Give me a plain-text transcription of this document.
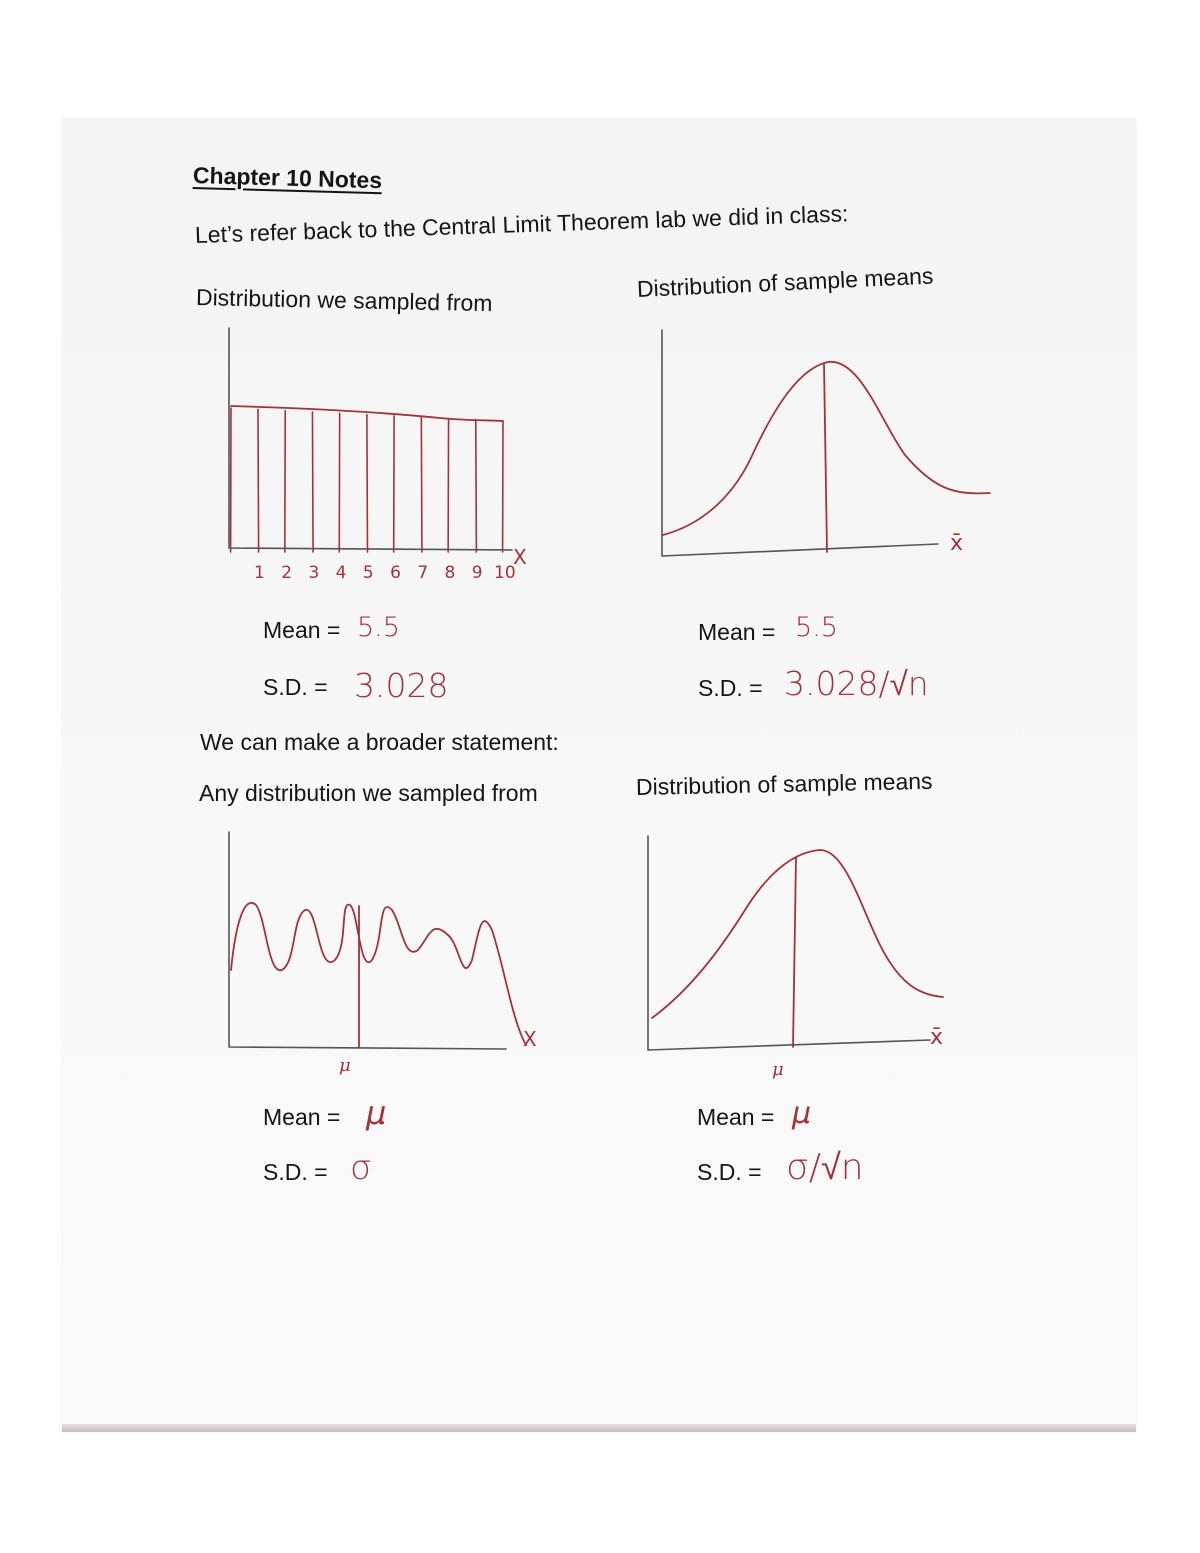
Chapter 10 Notes
Let’s refer back to the Central Limit Theorem lab we did in class:
Distribution we sampled from	Distribution of sample means
We can make a broader statement:
Any distribution we sampled from	Distribution of sample means
Mean = 5.5
S.D. = 3.028
Mean = 5.5
S.D. = 3.028/√n
Mean = μ
S.D. = σ
Mean = μ
S.D. = σ/√n
1 2 3 4 5 6 7 8 9 10
X
x̄
X
μ
x̄
μ
